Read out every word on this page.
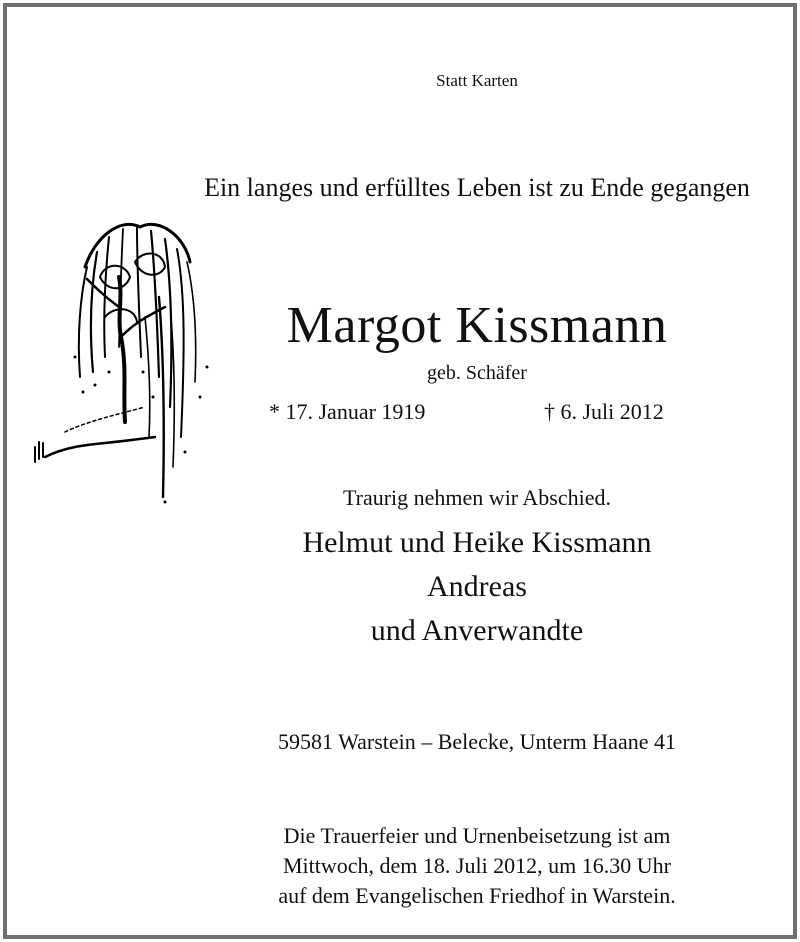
Statt Karten
Ein langes und erfülltes Leben ist zu Ende gegangen
Margot Kissmann
geb. Schäfer
* 17. Januar 1919	† 6. Juli 2012
Traurig nehmen wir Abschied.
Helmut und Heike Kissmann
Andreas
und Anverwandte
59581 Warstein – Belecke, Unterm Haane 41
Die Trauerfeier und Urnenbeisetzung ist am
Mittwoch, dem 18. Juli 2012, um 16.30 Uhr
auf dem Evangelischen Friedhof in Warstein.
